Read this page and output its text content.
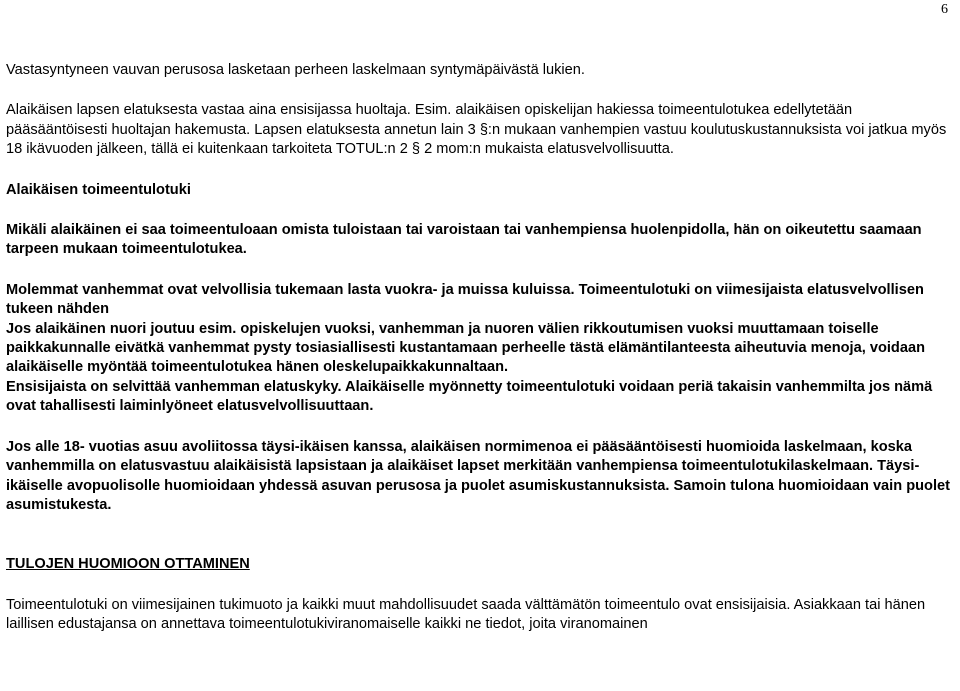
6

Vastasyntyneen vauvan perusosa lasketaan perheen laskelmaan syntymäpäivästä lukien.

Alaikäisen lapsen elatuksesta vastaa aina ensisijassa huoltaja. Esim. alaikäisen opiskelijan hakiessa toimeentulotukea edellytetään pääsääntöisesti huoltajan hakemusta. Lapsen elatuksesta annetun lain 3 §:n mukaan vanhempien vastuu koulutuskustannuksista voi jatkua myös 18 ikävuoden jälkeen, tällä ei kuitenkaan tarkoiteta TOTUL:n 2 § 2 mom:n mukaista elatusvelvollisuutta.

Alaikäisen toimeentulotuki

Mikäli alaikäinen ei saa toimeentuloaan omista tuloistaan tai varoistaan tai vanhempiensa huolenpidolla, hän on oikeutettu saamaan tarpeen mukaan toimeentulotukea.

Molemmat vanhemmat ovat velvollisia tukemaan lasta vuokra- ja muissa kuluissa. Toimeentulotuki on viimesijaista elatusvelvollisen tukeen nähden

Jos alaikäinen nuori joutuu esim. opiskelujen vuoksi, vanhemman ja nuoren välien rikkoutumisen vuoksi muuttamaan toiselle paikkakunnalle eivätkä vanhemmat pysty tosiasiallisesti kustantamaan perheelle tästä elämäntilanteesta aiheutuvia menoja, voidaan alaikäiselle myöntää toimeentulotukea hänen oleskelupaikkakunnaltaan.

Ensisijaista on selvittää vanhemman elatuskyky. Alaikäiselle myönnetty toimeentulotuki voidaan periä takaisin vanhemmilta jos nämä ovat tahallisesti laiminlyöneet elatusvelvollisuuttaan.

Jos alle 18- vuotias asuu avoliitossa täysi-ikäisen kanssa, alaikäisen normimenoa ei pääsääntöisesti huomioida laskelmaan, koska vanhemmilla on elatusvastuu alaikäisistä lapsistaan ja alaikäiset lapset merkitään vanhempiensa toimeentulotukilaskelmaan. Täysi-ikäiselle avopuolisolle huomioidaan yhdessä asuvan perusosa ja puolet asumiskustannuksista. Samoin tulona huomioidaan vain puolet asumistukesta.

TULOJEN HUOMIOON OTTAMINEN

Toimeentulotuki on viimesijainen tukimuoto ja kaikki muut mahdollisuudet saada välttämätön toimeentulo ovat ensisijaisia. Asiakkaan tai hänen laillisen edustajansa on annettava toimeentulotukiviranomaiselle kaikki ne tiedot, joita viranomainen
